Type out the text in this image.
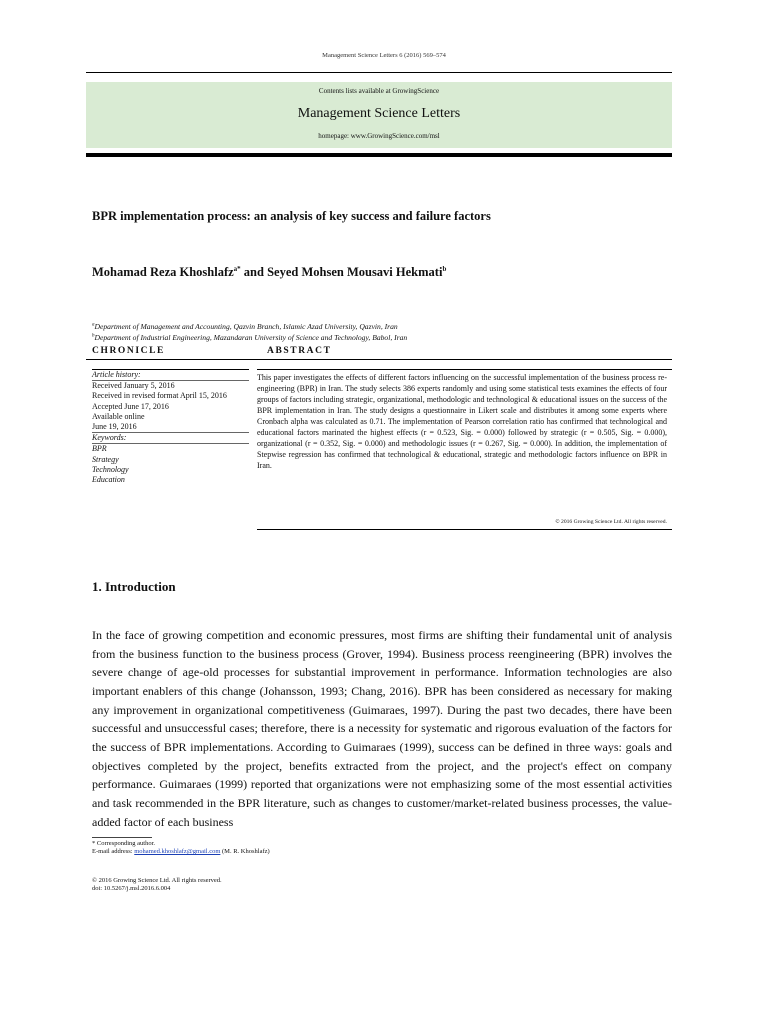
Management Science Letters 6 (2016) 569–574
Contents lists available at GrowingScience
Management Science Letters
homepage: www.GrowingScience.com/msl
BPR implementation process: an analysis of key success and failure factors
Mohamad Reza Khoshlafz$^{a*}$ and Seyed Mohsen Mousavi Hekmati$^b$
$^a$Department of Management and Accounting, Qazvin Branch, Islamic Azad University, Qazvin, Iran
$^b$Department of Industrial Engineering, Mazandaran University of Science and Technology, Babol, Iran
CHRONICLE	ABSTRACT
Article history:
Received January 5, 2016
Received in revised format April 15, 2016
Accepted June 17, 2016
Available online
June 19, 2016
Keywords:
BPR
Strategy
Technology
Education
This paper investigates the effects of different factors influencing on the successful implementation of the business process re-engineering (BPR) in Iran. The study selects 386 experts randomly and using some statistical tests examines the effects of four groups of factors including strategic, organizational, methodologic and technological & educational issues on the success of the BPR implementation in Iran. The study designs a questionnaire in Likert scale and distributes it among some experts where Cronbach alpha was calculated as 0.71. The implementation of Pearson correlation ratio has confirmed that technological and educational factors marinated the highest effects (r = 0.523, Sig. = 0.000) followed by strategic (r = 0.505, Sig. = 0.000), organizational (r = 0.352, Sig. = 0.000) and methodologic issues (r = 0.267, Sig. = 0.000). In addition, the implementation of Stepwise regression has confirmed that technological & educational, strategic and methodologic factors influence on BPR in Iran.
© 2016 Growing Science Ltd. All rights reserved.
1. Introduction
In the face of growing competition and economic pressures, most firms are shifting their fundamental unit of analysis from the business function to the business process (Grover, 1994). Business process reengineering (BPR) involves the severe change of age-old processes for substantial improvement in performance. Information technologies are also important enablers of this change (Johansson, 1993; Chang, 2016). BPR has been considered as necessary for making any improvement in organizational competitiveness (Guimaraes, 1997). During the past two decades, there have been successful and unsuccessful cases; therefore, there is a necessity for systematic and rigorous evaluation of the factors for the success of BPR implementations. According to Guimaraes (1999), success can be defined in three ways: goals and objectives completed by the project, benefits extracted from the project, and the project's effect on company performance. Guimaraes (1999) reported that organizations were not emphasizing some of the most essential activities and task recommended in the BPR literature, such as changes to customer/market-related business processes, the value-added factor of each business
* Corresponding author.
E-mail address: mohamed.khoshlafz@gmail.com (M. R. Khoshlafz)
© 2016 Growing Science Ltd. All rights reserved.
doi: 10.5267/j.msl.2016.6.004
